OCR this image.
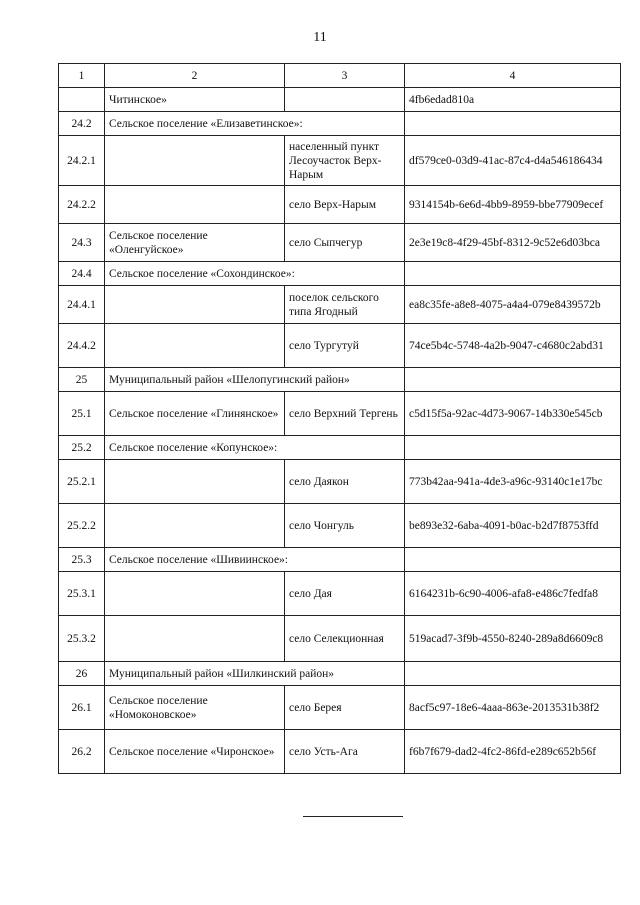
11
1	2	3	4
	Читинское»		4fb6edad810a
24.2	Сельское поселение «Елизаветинское»:		
24.2.1		населенный пункт Лесоучасток Верх-Нарым	df579ce0-03d9-41ac-87c4-d4a546186434
24.2.2		село Верх-Нарым	9314154b-6e6d-4bb9-8959-bbe77909ecef
24.3	Сельское поселение «Оленгуйское»	село Сыпчегур	2e3e19c8-4f29-45bf-8312-9c52e6d03bca
24.4	Сельское поселение «Сохондинское»:		
24.4.1		поселок сельского типа Ягодный	ea8c35fe-a8e8-4075-a4a4-079e8439572b
24.4.2		село Тургутуй	74ce5b4c-5748-4a2b-9047-c4680c2abd31
25	Муниципальный район «Шелопугинский район»		
25.1	Сельское поселение «Глинянское»	село Верхний Тергень	c5d15f5a-92ac-4d73-9067-14b330e545cb
25.2	Сельское поселение «Копунское»:		
25.2.1		село Даякон	773b42aa-941a-4de3-a96c-93140c1e17bc
25.2.2		село Чонгуль	be893e32-6aba-4091-b0ac-b2d7f8753ffd
25.3	Сельское поселение «Шивиинское»:		
25.3.1		село Дая	6164231b-6c90-4006-afa8-e486c7fedfa8
25.3.2		село Селекционная	519acad7-3f9b-4550-8240-289a8d6609c8
26	Муниципальный район «Шилкинский район»		
26.1	Сельское поселение «Номоконовское»	село Берея	8acf5c97-18e6-4aaa-863e-2013531b38f2
26.2	Сельское поселение «Чиронское»	село Усть-Ага	f6b7f679-dad2-4fc2-86fd-e289c652b56f
